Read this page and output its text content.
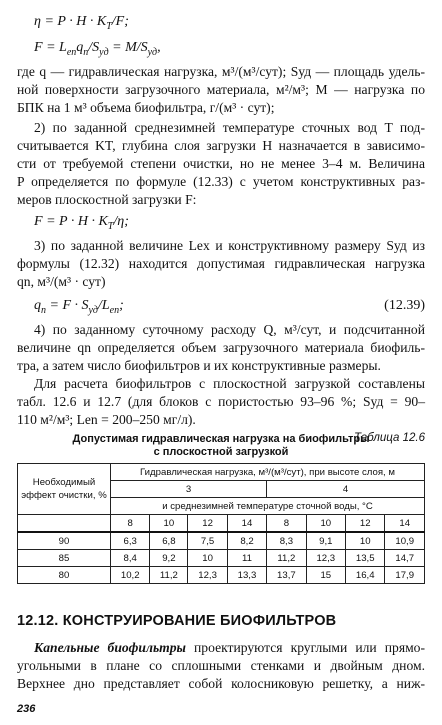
$\eta = P \cdot H \cdot K_T/F$;
$F = L_{en}q_n/S_{уд} = M/S_{уд}$,
где q — гидравлическая нагрузка, м³/(м³/сут); Sуд — площадь удель-
ной поверхности загрузочного материала, м²/м³; M — нагрузка по
БПК на 1 м³ объема биофильтра, г/(м³ · сут);
2) по заданной среднезимней температуре сточных вод T под-
считывается KT, глубина слоя загрузки H назначается в зависимо-
сти от требуемой степени очистки, но не менее 3–4 м. Величина
P определяется по формуле (12.33) с учетом конструктивных раз-
меров плоскостной загрузки F:
$F = P \cdot H \cdot K_T/\eta$;
3) по заданной величине Lex и конструктивному размеру Sуд из
формулы (12.32) находится допустимая гидравлическая нагрузка
qn, м³/(м³ · сут)
$q_n = F \cdot S_{уд}/L_{en}$;	(12.39)
4) по заданному суточному расходу Q, м³/сут, и подсчитанной
величине qn определяется объем загрузочного материала биофиль-
тра, а затем число биофильтров и их конструктивные размеры.
Для расчета биофильтров с плоскостной загрузкой составлены
табл. 12.6 и 12.7 (для блоков с пористостью 93–96 %; Sуд = 90–
110 м²/м³; Len = 200–250 мг/л).
Таблица 12.6
Допустимая гидравлическая нагрузка на биофильтры
с плоскостной загрузкой
Необходимый
эффект очистки, %	Гидравлическая нагрузка, м³/(м³/сут), при высоте слоя, м							
	3				4			
	и среднезимней температуре сточной воды, °С							
	8	10	12	14	8	10	12	14
90	6,3	6,8	7,5	8,2	8,3	9,1	10	10,9
85	8,4	9,2	10	11	11,2	12,3	13,5	14,7
80	10,2	11,2	12,3	13,3	13,7	15	16,4	17,9
12.12. КОНСТРУИРОВАНИЕ БИОФИЛЬТРОВ
Капельные биофильтры проектируются круглыми или прямо-
угольными в плане со сплошными стенками и двойным дном.
Верхнее дно представляет собой колосниковую решетку, а ниж-
236
